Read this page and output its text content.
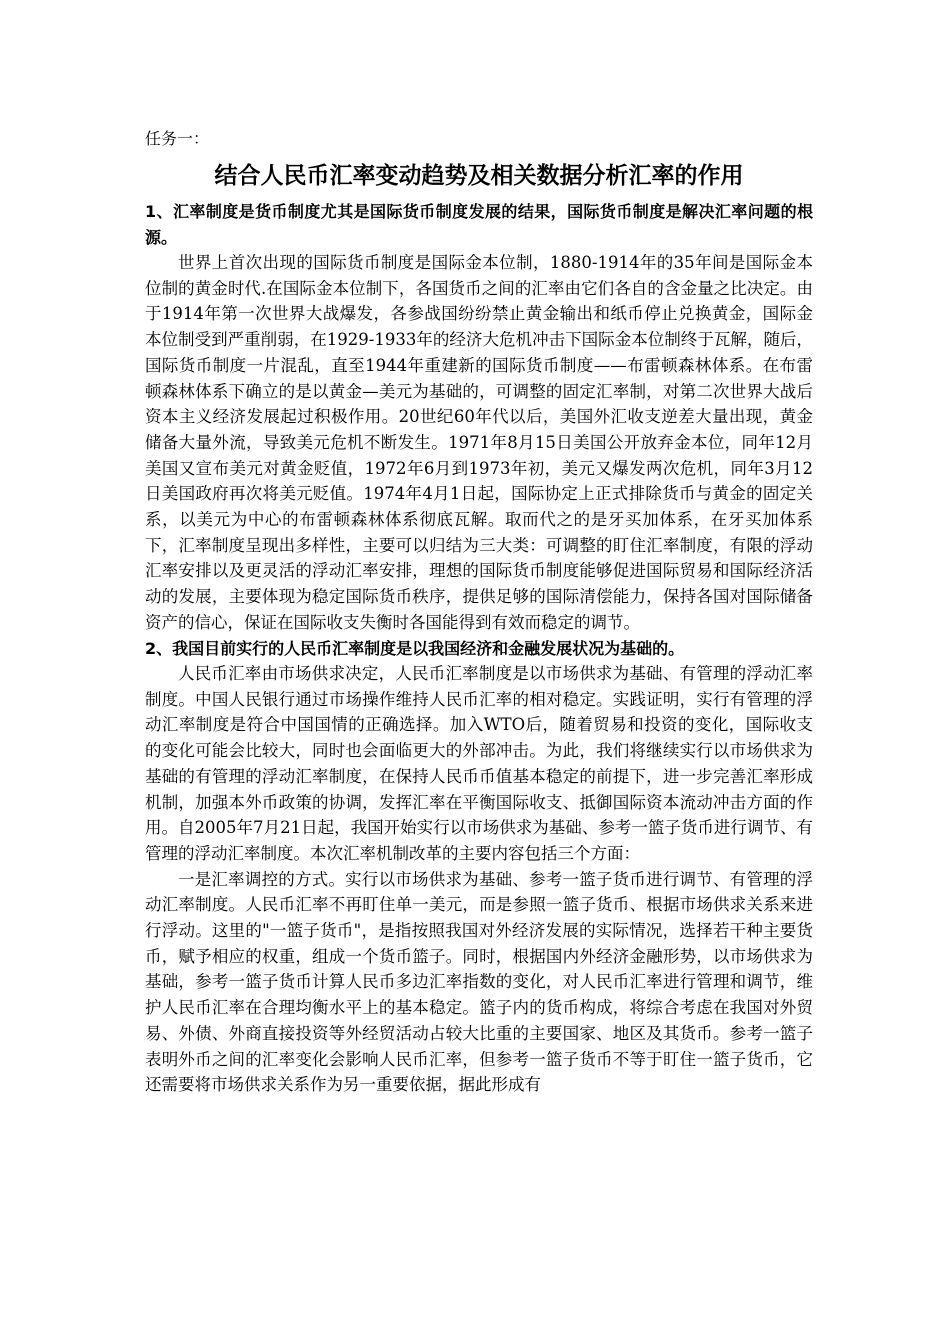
任务一：

结合人民币汇率变动趋势及相关数据分析汇率的作用

1、汇率制度是货币制度尤其是国际货币制度发展的结果，国际货币制度是解决汇率问题的根源。

世界上首次出现的国际货币制度是国际金本位制，1880-1914年的35年间是国际金本位制的黄金时代.在国际金本位制下，各国货币之间的汇率由它们各自的含金量之比决定。由于1914年第一次世界大战爆发，各参战国纷纷禁止黄金输出和纸币停止兑换黄金，国际金本位制受到严重削弱，在1929-1933年的经济大危机冲击下国际金本位制终于瓦解，随后，国际货币制度一片混乱，直至1944年重建新的国际货币制度——布雷顿森林体系。在布雷顿森林体系下确立的是以黄金—美元为基础的，可调整的固定汇率制，对第二次世界大战后资本主义经济发展起过积极作用。20世纪60年代以后，美国外汇收支逆差大量出现，黄金储备大量外流，导致美元危机不断发生。1971年8月15日美国公开放弃金本位，同年12月美国又宣布美元对黄金贬值，1972年6月到1973年初，美元又爆发两次危机，同年3月12日美国政府再次将美元贬值。1974年4月1日起，国际协定上正式排除货币与黄金的固定关系，以美元为中心的布雷顿森林体系彻底瓦解。取而代之的是牙买加体系，在牙买加体系下，汇率制度呈现出多样性，主要可以归结为三大类：可调整的盯住汇率制度，有限的浮动汇率安排以及更灵活的浮动汇率安排，理想的国际货币制度能够促进国际贸易和国际经济活动的发展，主要体现为稳定国际货币秩序，提供足够的国际清偿能力，保持各国对国际储备资产的信心，保证在国际收支失衡时各国能得到有效而稳定的调节。

2、我国目前实行的人民币汇率制度是以我国经济和金融发展状况为基础的。

人民币汇率由市场供求决定，人民币汇率制度是以市场供求为基础、有管理的浮动汇率制度。中国人民银行通过市场操作维持人民币汇率的相对稳定。实践证明，实行有管理的浮动汇率制度是符合中国国情的正确选择。加入WTO后，随着贸易和投资的变化，国际收支的变化可能会比较大，同时也会面临更大的外部冲击。为此，我们将继续实行以市场供求为基础的有管理的浮动汇率制度，在保持人民币币值基本稳定的前提下，进一步完善汇率形成机制，加强本外币政策的协调，发挥汇率在平衡国际收支、抵御国际资本流动冲击方面的作用。自2005年7月21日起，我国开始实行以市场供求为基础、参考一篮子货币进行调节、有管理的浮动汇率制度。本次汇率机制改革的主要内容包括三个方面：

一是汇率调控的方式。实行以市场供求为基础、参考一篮子货币进行调节、有管理的浮动汇率制度。人民币汇率不再盯住单一美元，而是参照一篮子货币、根据市场供求关系来进行浮动。这里的"一篮子货币"，是指按照我国对外经济发展的实际情况，选择若干种主要货币，赋予相应的权重，组成一个货币篮子。同时，根据国内外经济金融形势，以市场供求为基础，参考一篮子货币计算人民币多边汇率指数的变化，对人民币汇率进行管理和调节，维护人民币汇率在合理均衡水平上的基本稳定。篮子内的货币构成，将综合考虑在我国对外贸易、外债、外商直接投资等外经贸活动占较大比重的主要国家、地区及其货币。参考一篮子表明外币之间的汇率变化会影响人民币汇率，但参考一篮子货币不等于盯住一篮子货币，它还需要将市场供求关系作为另一重要依据，据此形成有
